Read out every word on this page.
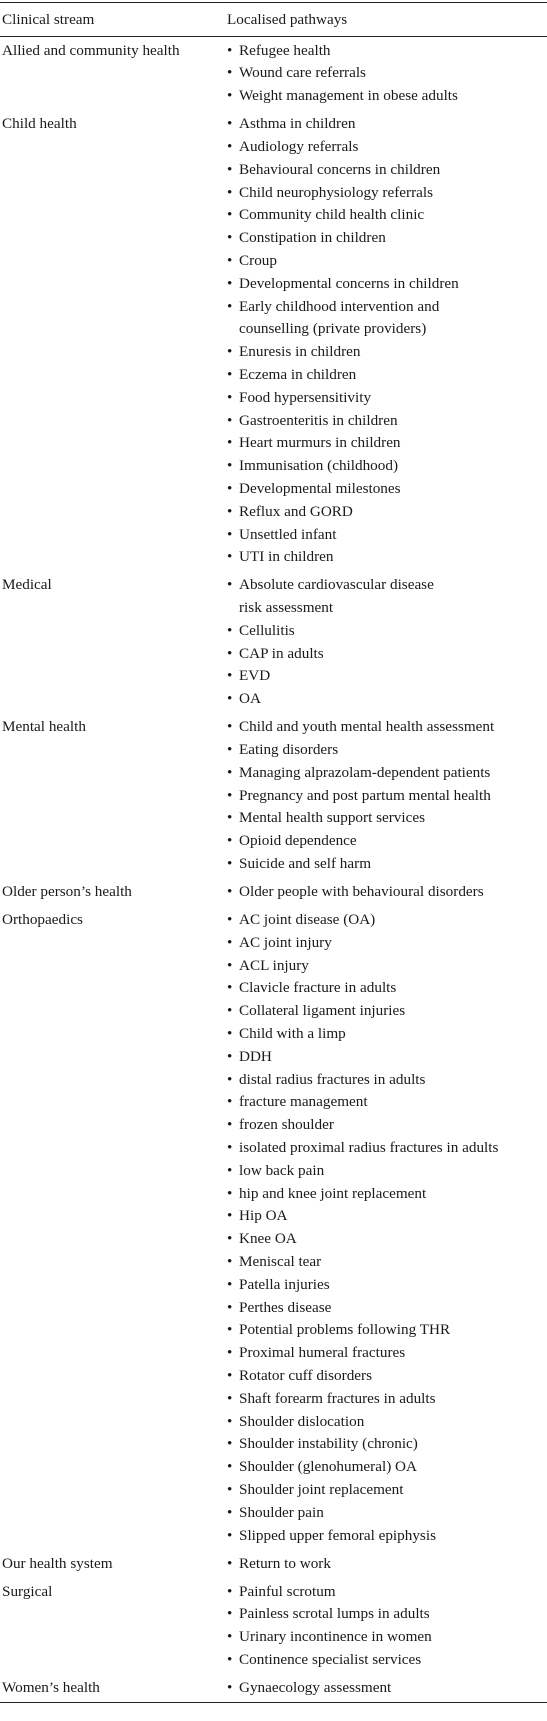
Clinical stream	Localised pathways
Allied and community health	• Refugee health
• Wound care referrals
• Weight management in obese adults
Child health	• Asthma in children
• Audiology referrals
• Behavioural concerns in children
• Child neurophysiology referrals
• Community child health clinic
• Constipation in children
• Croup
• Developmental concerns in children
• Early childhood intervention and
counselling (private providers)
• Enuresis in children
• Eczema in children
• Food hypersensitivity
• Gastroenteritis in children
• Heart murmurs in children
• Immunisation (childhood)
• Developmental milestones
• Reflux and GORD
• Unsettled infant
• UTI in children
Medical	• Absolute cardiovascular disease
risk assessment
• Cellulitis
• CAP in adults
• EVD
• OA
Mental health	• Child and youth mental health assessment
• Eating disorders
• Managing alprazolam-dependent patients
• Pregnancy and post partum mental health
• Mental health support services
• Opioid dependence
• Suicide and self harm
Older person’s health	• Older people with behavioural disorders
Orthopaedics	• AC joint disease (OA)
• AC joint injury
• ACL injury
• Clavicle fracture in adults
• Collateral ligament injuries
• Child with a limp
• DDH
• distal radius fractures in adults
• fracture management
• frozen shoulder
• isolated proximal radius fractures in adults
• low back pain
• hip and knee joint replacement
• Hip OA
• Knee OA
• Meniscal tear
• Patella injuries
• Perthes disease
• Potential problems following THR
• Proximal humeral fractures
• Rotator cuff disorders
• Shaft forearm fractures in adults
• Shoulder dislocation
• Shoulder instability (chronic)
• Shoulder (glenohumeral) OA
• Shoulder joint replacement
• Shoulder pain
• Slipped upper femoral epiphysis
Our health system	• Return to work
Surgical	• Painful scrotum
• Painless scrotal lumps in adults
• Urinary incontinence in women
• Continence specialist services
Women’s health	• Gynaecology assessment
